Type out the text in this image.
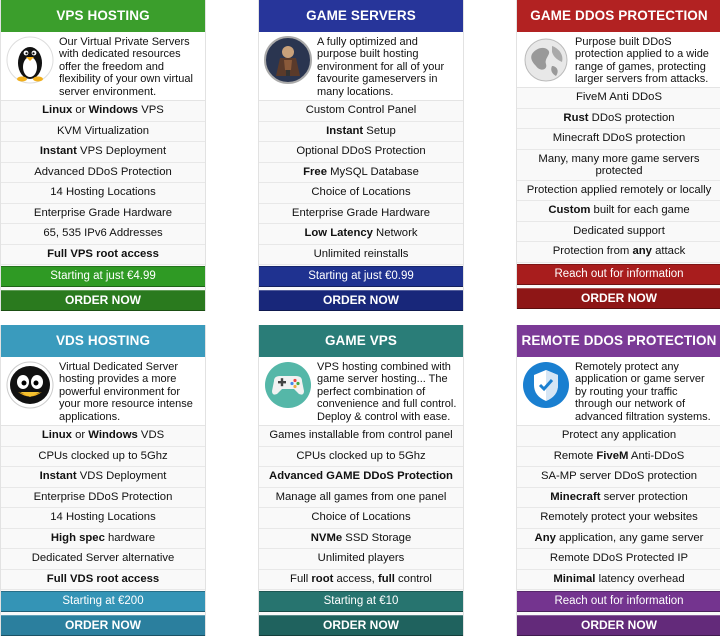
VPS HOSTING
Our Virtual Private Servers with dedicated resources offer the freedom and flexibility of your own virtual server environment.
Linux or Windows VPS
KVM Virtualization
Instant VPS Deployment
Advanced DDoS Protection
14 Hosting Locations
Enterprise Grade Hardware
65, 535 IPv6 Addresses
Full VPS root access
Starting at just €4.99
ORDER NOW
GAME SERVERS
A fully optimized and purpose built hosting environment for all of your favourite gameservers in many locations.
Custom Control Panel
Instant Setup
Optional DDoS Protection
Free MySQL Database
Choice of Locations
Enterprise Grade Hardware
Low Latency Network
Unlimited reinstalls
Starting at just €0.99
ORDER NOW
GAME DDOS PROTECTION
Purpose built DDoS protection applied to a wide range of games, protecting larger servers from attacks.
FiveM Anti DDoS
Rust DDoS protection
Minecraft DDoS protection
Many, many more game servers protected
Protection applied remotely or locally
Custom built for each game
Dedicated support
Protection from any attack
Reach out for information
ORDER NOW
VDS HOSTING
Virtual Dedicated Server hosting provides a more powerful environment for your more resource intense applications.
Linux or Windows VDS
CPUs clocked up to 5Ghz
Instant VDS Deployment
Enterprise DDoS Protection
14 Hosting Locations
High spec hardware
Dedicated Server alternative
Full VDS root access
Starting at €200
ORDER NOW
GAME VPS
VPS hosting combined with game server hosting... The perfect combination of convenience and full control. Deploy & control with ease.
Games installable from control panel
CPUs clocked up to 5Ghz
Advanced GAME DDoS Protection
Manage all games from one panel
Choice of Locations
NVMe SSD Storage
Unlimited players
Full root access, full control
Starting at €10
ORDER NOW
REMOTE DDOS PROTECTION
Remotely protect any application or game server by routing your traffic through our network of advanced filtration systems.
Protect any application
Remote FiveM Anti-DDoS
SA-MP server DDoS protection
Minecraft server protection
Remotely protect your websites
Any application, any game server
Remote DDoS Protected IP
Minimal latency overhead
Reach out for information
ORDER NOW
